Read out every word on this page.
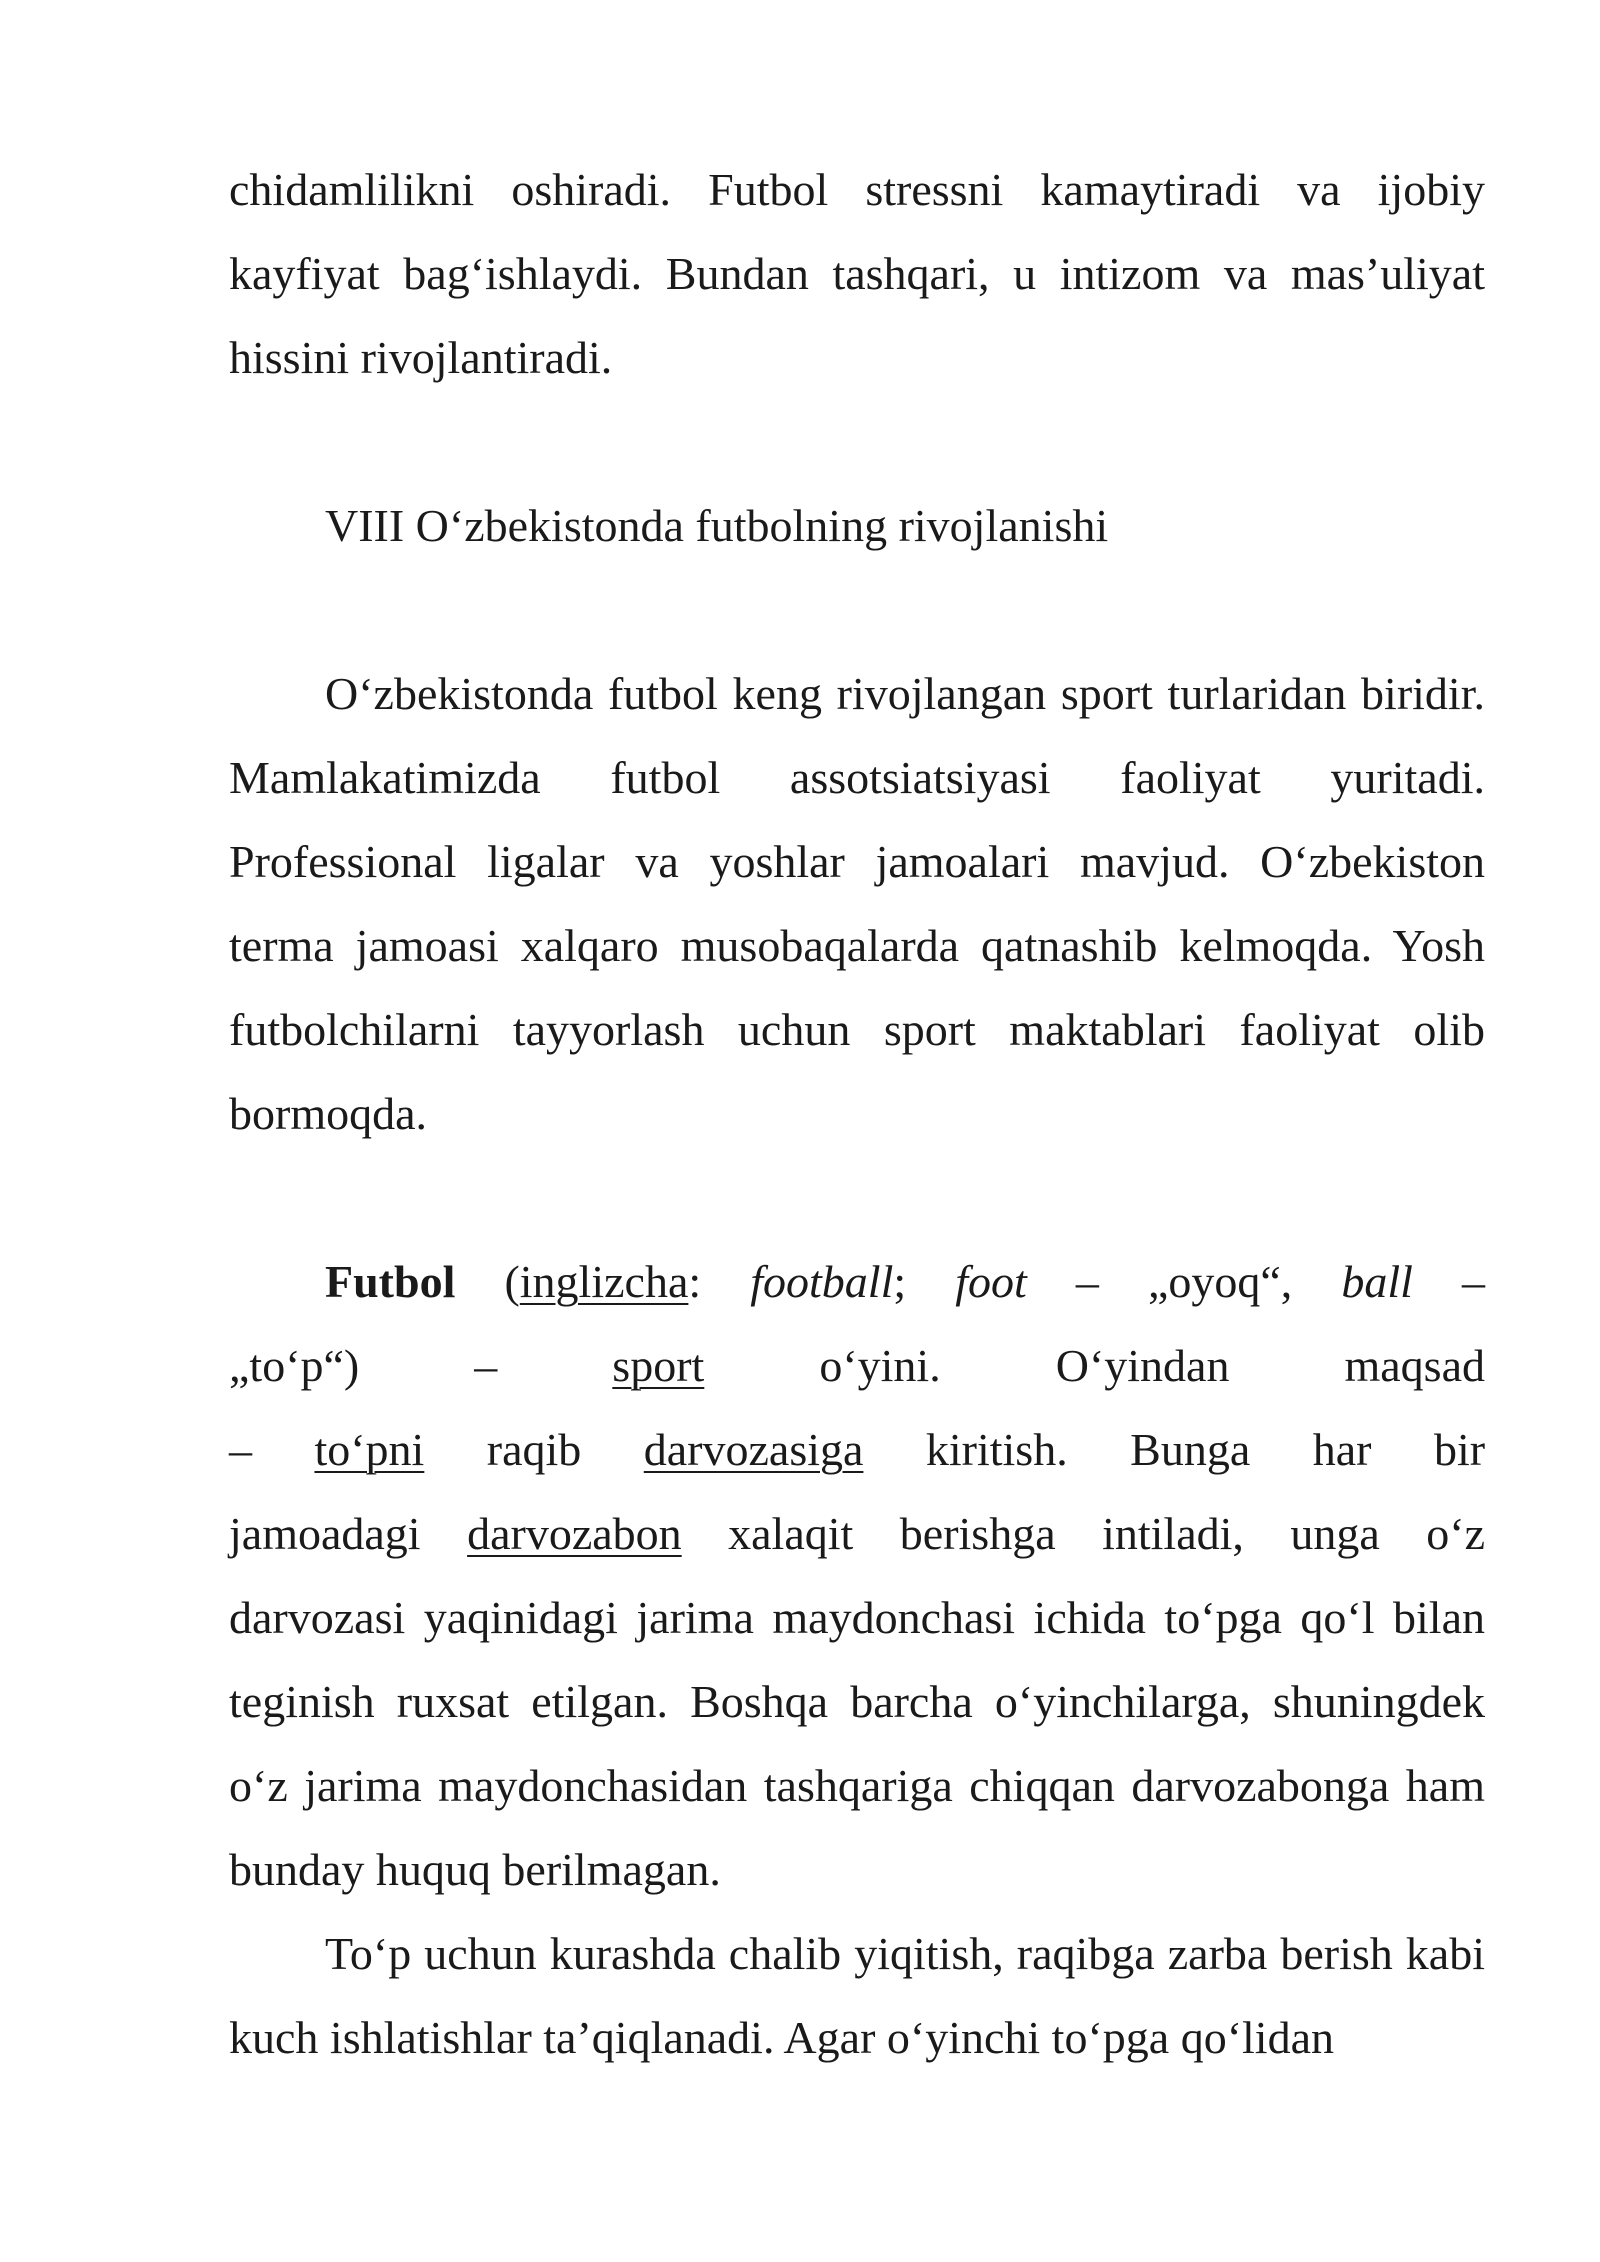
chidamlilikni oshiradi. Futbol stressni kamaytiradi va ijobiy kayfiyat bag‘ishlaydi. Bundan tashqari, u intizom va mas’uliyat hissini rivojlantiradi.

VIII O‘zbekistonda futbolning rivojlanishi

O‘zbekistonda futbol keng rivojlangan sport turlaridan biridir. Mamlakatimizda futbol assotsiatsiyasi faoliyat yuritadi. Professional ligalar va yoshlar jamoalari mavjud. O‘zbekiston terma jamoasi xalqaro musobaqalarda qatnashib kelmoqda. Yosh futbolchilarni tayyorlash uchun sport maktablari faoliyat olib bormoqda.

Futbol (inglizcha: football; foot – „oyoq“, ball –
„to‘p“) – sport o‘yini.	O‘yindan	maqsad
– to‘pni raqib darvozasiga kiritish. Bunga har bir
jamoadagi darvozabon xalaqit berishga intiladi, unga o‘z

darvozasi yaqinidagi jarima maydonchasi ichida to‘pga qo‘l bilan teginish ruxsat etilgan. Boshqa barcha o‘yinchilarga, shuningdek o‘z jarima maydonchasidan tashqariga chiqqan darvozabonga ham bunday huquq berilmagan.

To‘p uchun kurashda chalib yiqitish, raqibga zarba berish kabi kuch ishlatishlar ta’qiqlanadi. Agar o‘yinchi to‘pga qo‘lidan
